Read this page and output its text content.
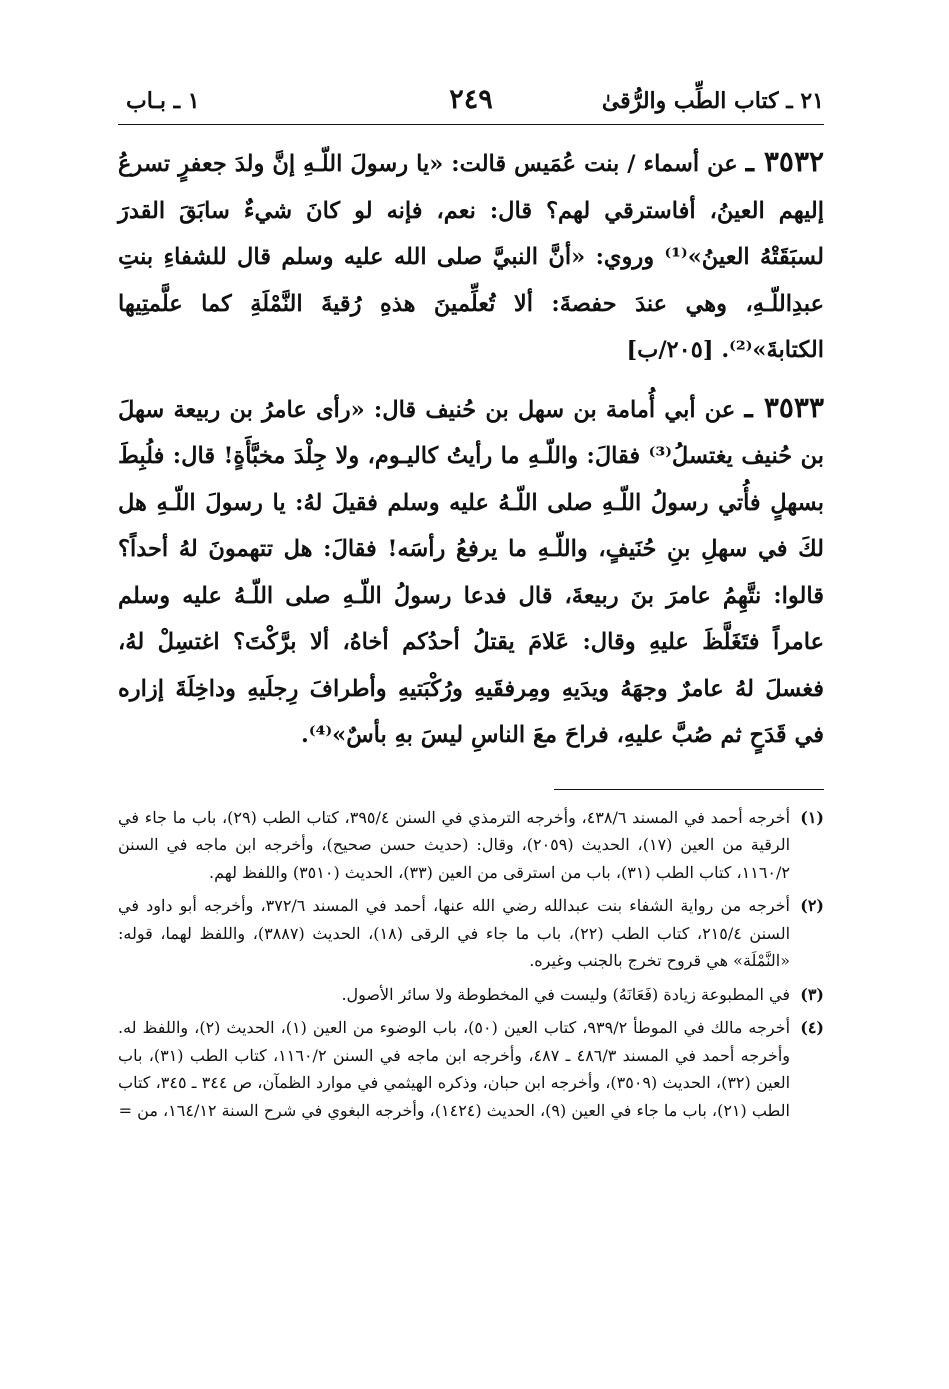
٢١ ـ كتاب الطِّب والرُّقىٰ
٢٤٩
١ ـ بـاب

٣٥٣٢ ـ عن أسماء / بنت عُمَيس قالت: «يا رسولَ اللّـهِ إنَّ ولدَ جعفرٍ تسرعُ إليهم العينُ، أفاسترقي لهم؟ قال: نعم، فإنه لو كانَ شيءٌ سابَقَ القدرَ لسبَقَتْهُ العينُ»⁽¹⁾ وروي: «أنَّ النبيَّ صلى الله عليه وسلم قال للشفاءِ بنتِ عبدِاللّـهِ، وهي عندَ حفصةَ: ألا تُعلِّمينَ هذهِ رُقيةَ النَّمْلَةِ كما علَّمتِيها الكتابةَ»⁽²⁾. [٢٠٥/ب]

٣٥٣٣ ـ عن أبي أُمامة بن سهل بن حُنيف قال: «رأى عامرُ بن ربيعة سهلَ بن حُنيف يغتسلُ⁽³⁾ فقالَ: واللّـهِ ما رأيتُ كاليـوم، ولا جِلْدَ مخبَّأَةٍ! قال: فلُبِطَ بسهلٍ فأُتي رسولُ اللّـهِ صلى اللّـهُ عليه وسلم فقيلَ لهُ: يا رسولَ اللّـهِ هل لكَ في سهلِ بنِ حُنَيفٍ، واللّـهِ ما يرفعُ رأسَه! فقالَ: هل تتهمونَ لهُ أحداً؟ قالوا: نتَّهِمُ عامرَ بنَ ربيعةَ، قال فدعا رسولُ اللّـهِ صلى اللّـهُ عليه وسلم عامراً فتَغَلَّظَ عليهِ وقال: عَلامَ يقتلُ أحدُكم أخاهُ، ألا برَّكْتَ؟ اغتسِلْ لهُ، فغسلَ لهُ عامرٌ وجهَهُ ويدَيهِ ومِرفقَيهِ ورُكْبَتيهِ وأطرافَ رِجلَيهِ وداخِلَةَ إزاره في قَدَحٍ ثم صُبَّ عليهِ، فراحَ معَ الناسِ ليسَ بهِ بأسٌ»⁽⁴⁾.

(١)
أخرجه أحمد في المسند ٤٣٨/٦، وأخرجه الترمذي في السنن ٣٩٥/٤، كتاب الطب (٢٩)، باب ما جاء في الرقية من العين (١٧)، الحديث (٢٠٥٩)، وقال: (حديث حسن صحيح)، وأخرجه ابن ماجه في السنن ١١٦٠/٢، كتاب الطب (٣١)، باب من استرقى من العين (٣٣)، الحديث (٣٥١٠) واللفظ لهم.
(٢)
أخرجه من رواية الشفاء بنت عبدالله رضي الله عنها، أحمد في المسند ٣٧٢/٦، وأخرجه أبو داود في السنن ٢١٥/٤، كتاب الطب (٢٢)، باب ما جاء في الرقى (١٨)، الحديث (٣٨٨٧)، واللفظ لهما، قوله: «النَّمْلَة» هي قروح تخرج بالجنب وغيره.
(٣)
في المطبوعة زيادة (فَعَانَهُ) وليست في المخطوطة ولا سائر الأصول.
(٤)
أخرجه مالك في الموطأ ٩٣٩/٢، كتاب العين (٥٠)، باب الوضوء من العين (١)، الحديث (٢)، واللفظ له. وأخرجه أحمد في المسند ٤٨٦/٣ ـ ٤٨٧، وأخرجه ابن ماجه في السنن ١١٦٠/٢، كتاب الطب (٣١)، باب العين (٣٢)، الحديث (٣٥٠٩)، وأخرجه ابن حبان، وذكره الهيثمي في موارد الظمآن، ص ٣٤٤ ـ ٣٤٥، كتاب الطب (٢١)، باب ما جاء في العين (٩)، الحديث (١٤٢٤)، وأخرجه البغوي في شرح السنة ١٦٤/١٢، من =
